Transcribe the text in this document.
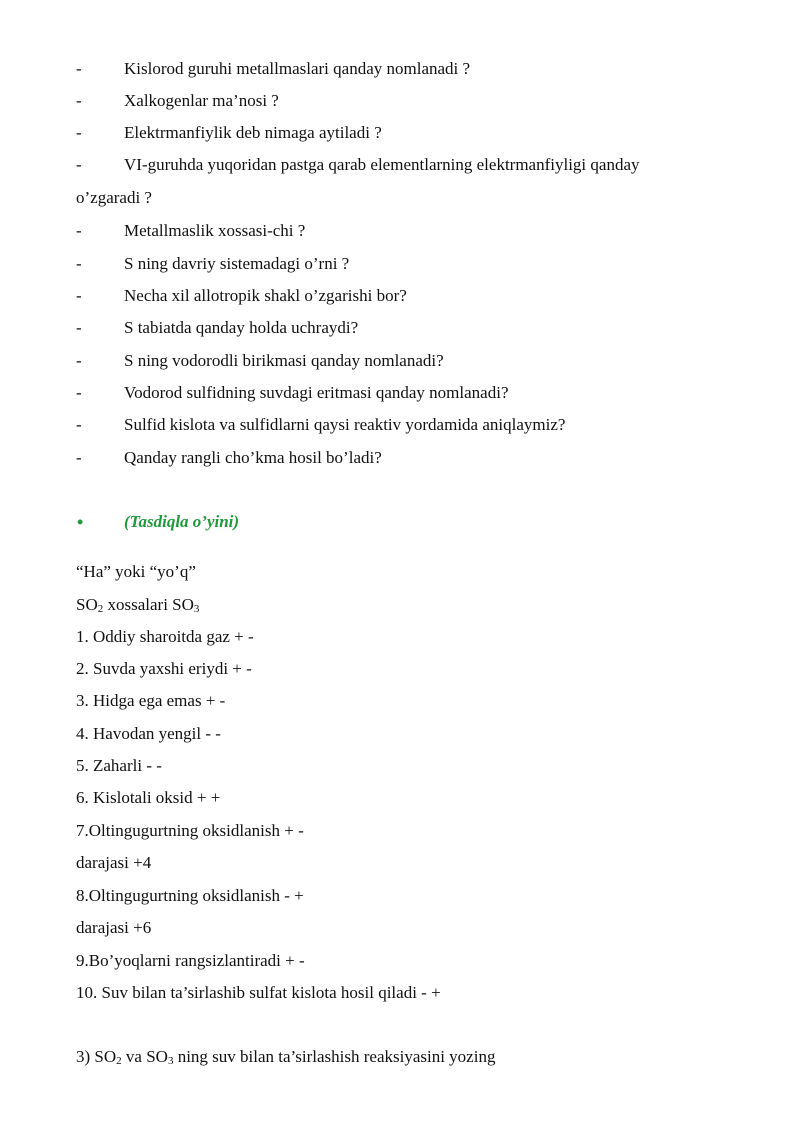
-	Kislorod guruhi metallmaslari qanday nomlanadi ?
-	Xalkogenlar ma’nosi ?
-	Elektrmanfiylik deb nimaga aytiladi ?
-	VI-guruhda yuqoridan pastga qarab elementlarning elektrmanfiyligi qanday
o’zgaradi ?
-	Metallmaslik xossasi-chi ?
-	S ning davriy sistemadagi o’rni ?
-	Necha xil allotropik shakl o’zgarishi bor?
-	S tabiatda qanday holda uchraydi?
-	S ning vodorodli birikmasi qanday nomlanadi?
-	Vodorod sulfidning suvdagi eritmasi qanday nomlanadi?
-	Sulfid kislota va sulfidlarni qaysi reaktiv yordamida aniqlaymiz?
-	Qanday rangli cho’kma hosil bo’ladi?
• (Tasdiqla o’yini)
“Ha” yoki “yo’q”
$SO_2$ xossalari $SO_3$
1. Oddiy sharoitda gaz + -
2. Suvda yaxshi eriydi + -
3. Hidga ega emas + -
4. Havodan yengil - -
5. Zaharli - -
6. Kislotali oksid + +
7.Oltingugurtning oksidlanish + -
darajasi +4
8.Oltingugurtning oksidlanish - +
darajasi +6
9.Bo’yoqlarni rangsizlantiradi + -
10. Suv bilan ta’sirlashib sulfat kislota hosil qiladi - +
3) $SO_2$ va $SO_3$ ning suv bilan ta’sirlashish reaksiyasini yozing
